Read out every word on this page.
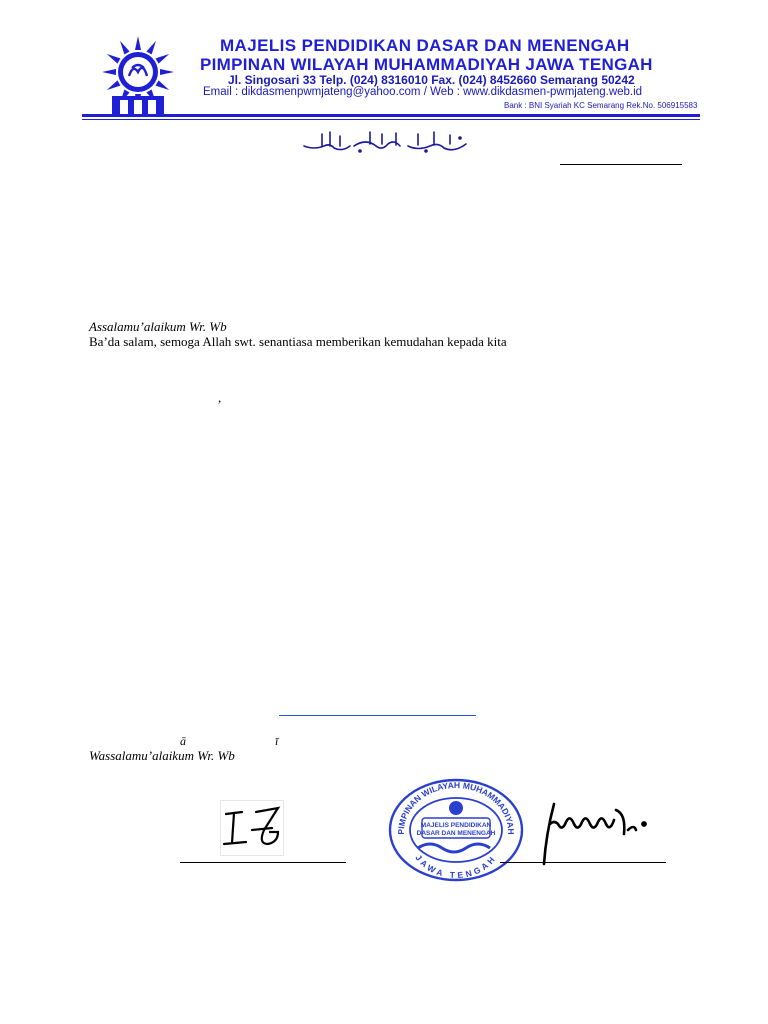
MAJELIS PENDIDIKAN DASAR DAN MENENGAH
PIMPINAN WILAYAH MUHAMMADIYAH JAWA TENGAH
Jl. Singosari 33 Telp. (024) 8316010 Fax. (024) 8452660 Semarang 50242
Email : dikdasmenpwmjateng@yahoo.com / Web : www.dikdasmen-pwmjateng.web.id
Bank : BNI Syariah KC Semarang Rek.No. 506915583
Assalamu’alaikum Wr. Wb
Ba’da salam, semoga Allah swt. senantiasa memberikan kemudahan kepada kita
,
ā	ī
Wassalamu’alaikum Wr. Wb
PIMPINAN WILAYAH MUHAMMADIYAH
JAWA TENGAH
MAJELIS PENDIDIKAN
DASAR DAN MENENGAH
